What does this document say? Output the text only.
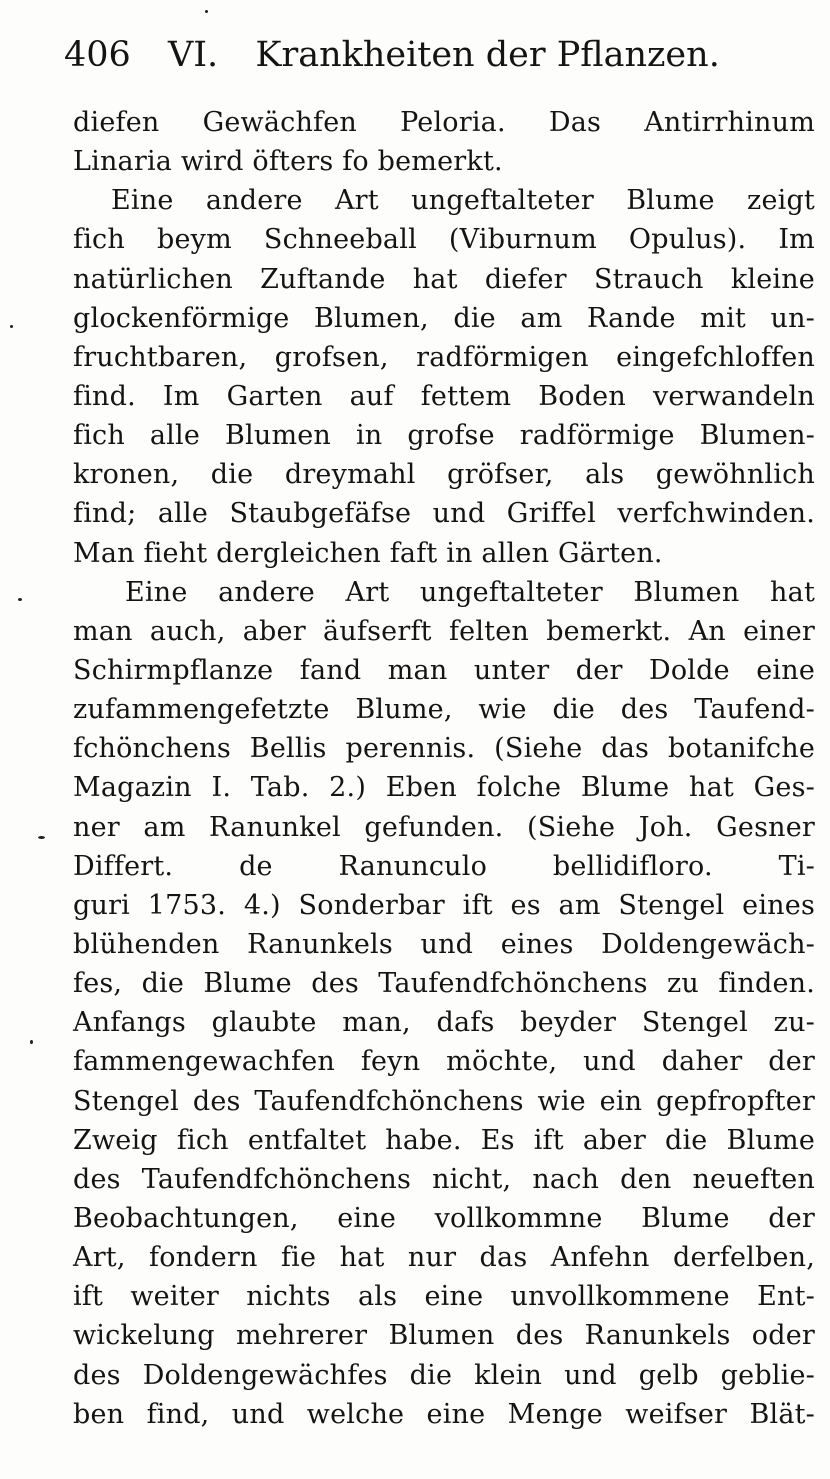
406 VI. Krankheiten der Pflanzen.
diefen Gewächfen Peloria. Das Antirrhinum
Linaria wird öfters fo bemerkt.
Eine andere Art ungeftalteter Blume zeigt
fich beym Schneeball (Viburnum Opulus). Im
natürlichen Zuftande hat diefer Strauch kleine
glockenförmige Blumen, die am Rande mit un-
fruchtbaren, grofsen, radförmigen eingefchloffen
find. Im Garten auf fettem Boden verwandeln
fich alle Blumen in grofse radförmige Blumen-
kronen, die dreymahl gröfser, als gewöhnlich
find; alle Staubgefäfse und Griffel verfchwinden.
Man fieht dergleichen faft in allen Gärten.
Eine andere Art ungeftalteter Blumen hat
man auch, aber äufserft felten bemerkt. An einer
Schirmpflanze fand man unter der Dolde eine
zufammengefetzte Blume, wie die des Taufend-
fchönchens Bellis perennis. (Siehe das botanifche
Magazin I. Tab. 2.) Eben folche Blume hat Ges-
ner am Ranunkel gefunden. (Siehe Joh. Gesner
Differt. de Ranunculo bellidifloro. Ti-
guri 1753. 4.) Sonderbar ift es am Stengel eines
blühenden Ranunkels und eines Doldengewäch-
fes, die Blume des Taufendfchönchens zu finden.
Anfangs glaubte man, dafs beyder Stengel zu-
fammengewachfen feyn möchte, und daher der
Stengel des Taufendfchönchens wie ein gepfropfter
Zweig fich entfaltet habe. Es ift aber die Blume
des Taufendfchönchens nicht, nach den neueften
Beobachtungen, eine vollkommne Blume der
Art, fondern fie hat nur das Anfehn derfelben,
ift weiter nichts als eine unvollkommene Ent-
wickelung mehrerer Blumen des Ranunkels oder
des Doldengewächfes die klein und gelb geblie-
ben find, und welche eine Menge weifser Blät-
